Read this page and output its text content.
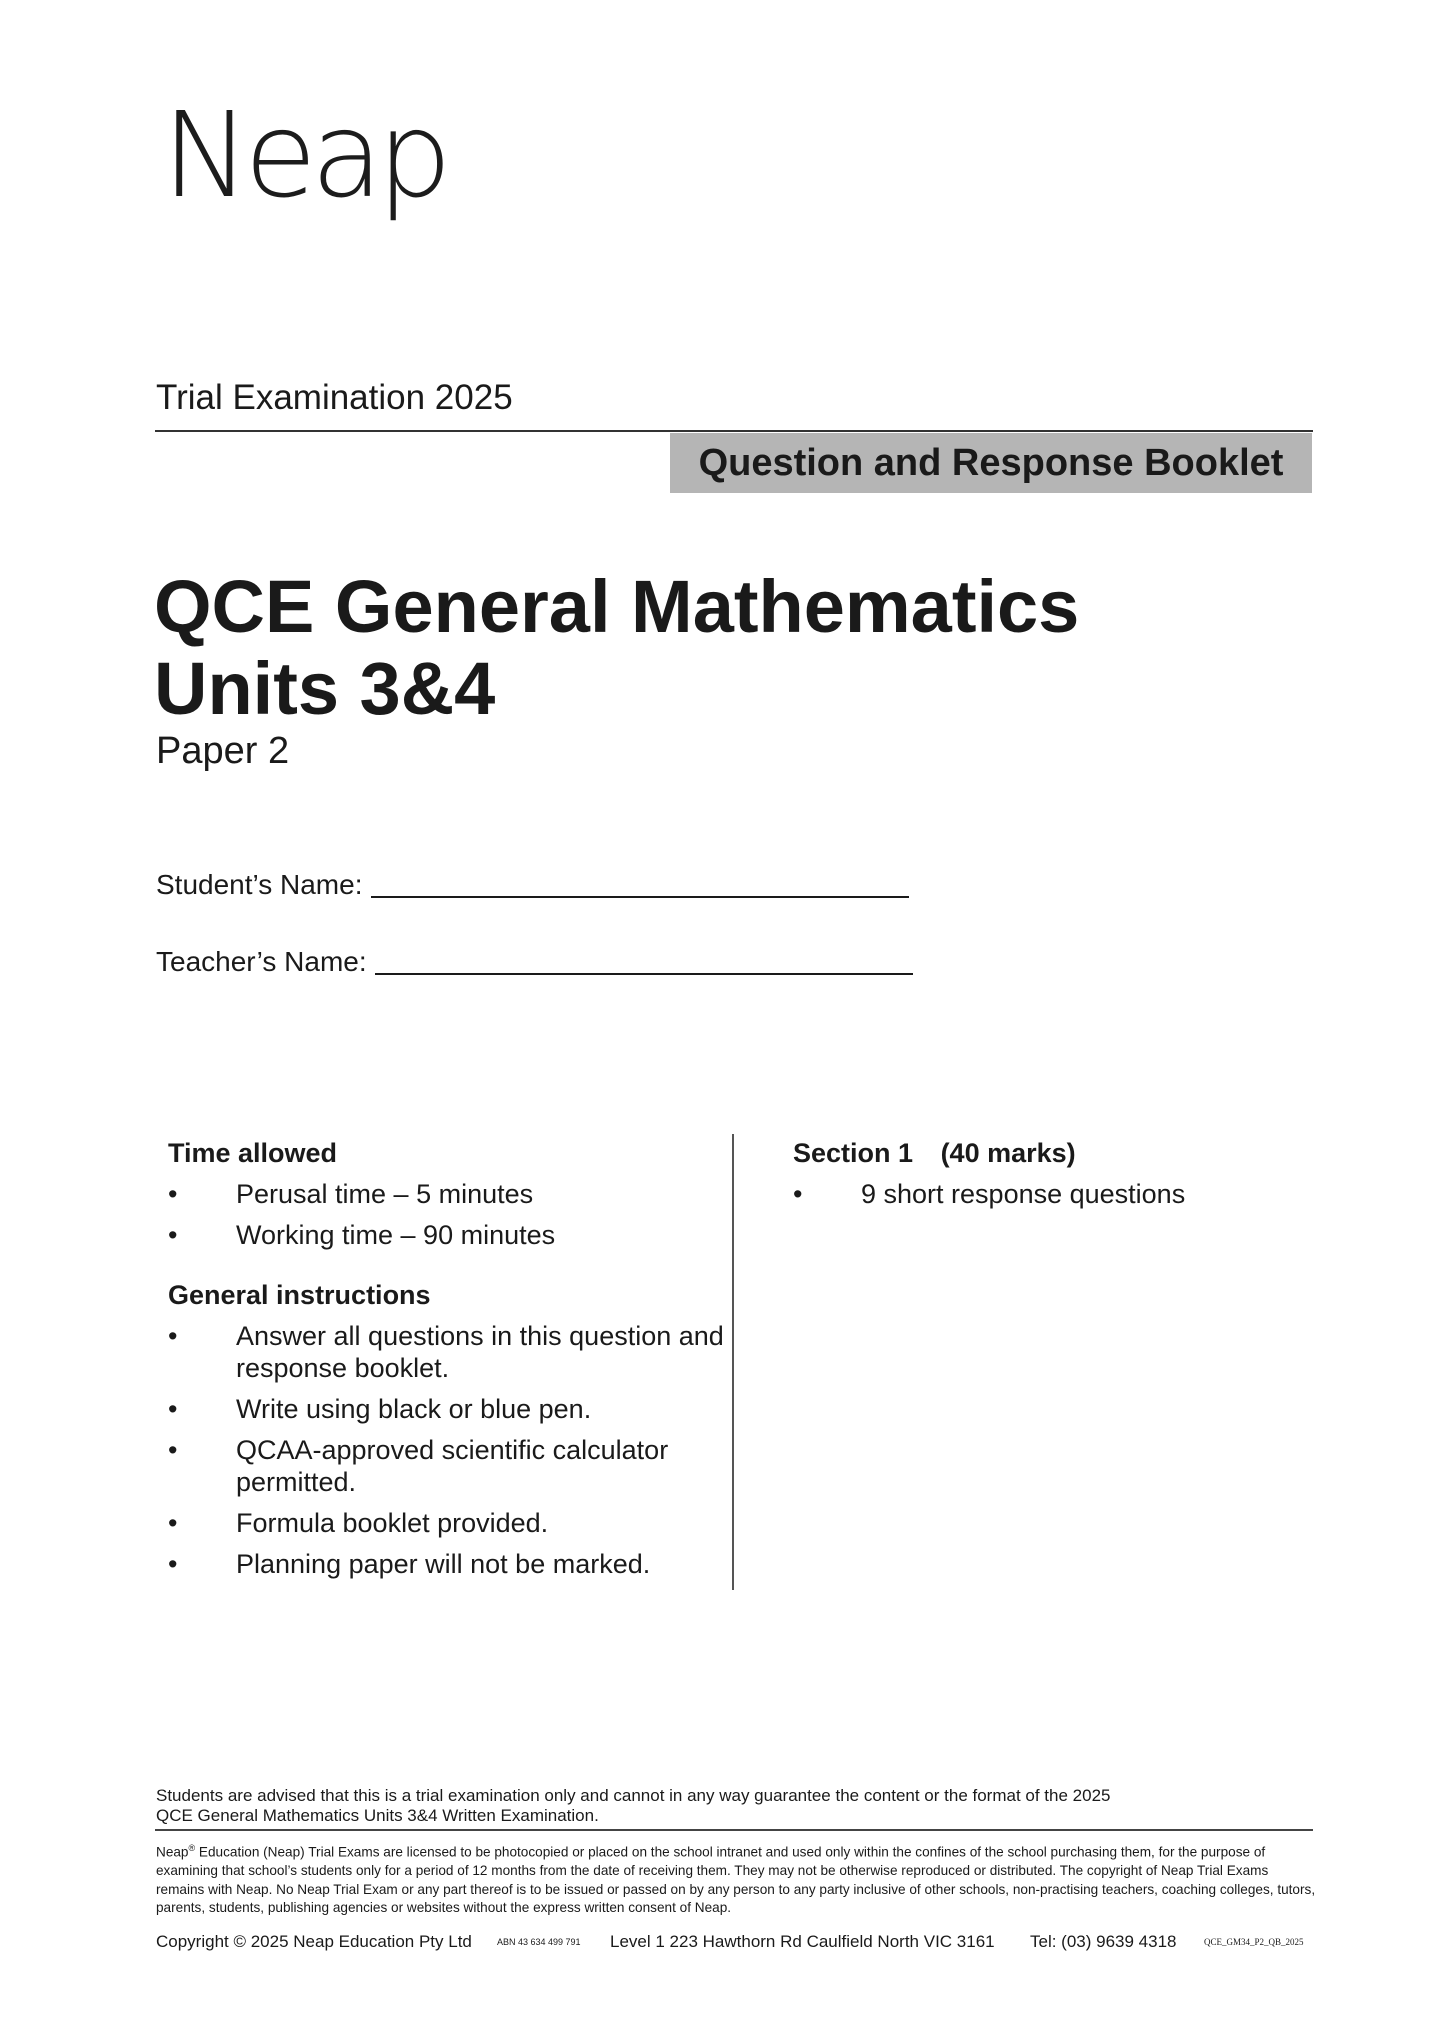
Neap
Trial Examination 2025
Question and Response Booklet
QCE General Mathematics
Units 3&4
Paper 2
Student’s Name:
Teacher’s Name:
Time allowed
•	Perusal time – 5 minutes
•	Working time – 90 minutes
General instructions
•	Answer all questions in this question and response booklet.
•	Write using black or blue pen.
•	QCAA-approved scientific calculator permitted.
•	Formula booklet provided.
•	Planning paper will not be marked.
Section 1 (40 marks)
•	9 short response questions
Students are advised that this is a trial examination only and cannot in any way guarantee the content or the format of the 2025
QCE General Mathematics Units 3&4 Written Examination.
Neap® Education (Neap) Trial Exams are licensed to be photocopied or placed on the school intranet and used only within the confines of the school purchasing them, for the purpose of examining that school’s students only for a period of 12 months from the date of receiving them. They may not be otherwise reproduced or distributed. The copyright of Neap Trial Exams remains with Neap. No Neap Trial Exam or any part thereof is to be issued or passed on by any person to any party inclusive of other schools, non-practising teachers, coaching colleges, tutors, parents, students, publishing agencies or websites without the express written consent of Neap.
Copyright © 2025 Neap Education Pty Ltd	ABN 43 634 499 791 Level 1 223 Hawthorn Rd Caulfield North VIC 3161 Tel: (03) 9639 4318	QCE_GM34_P2_QB_2025
